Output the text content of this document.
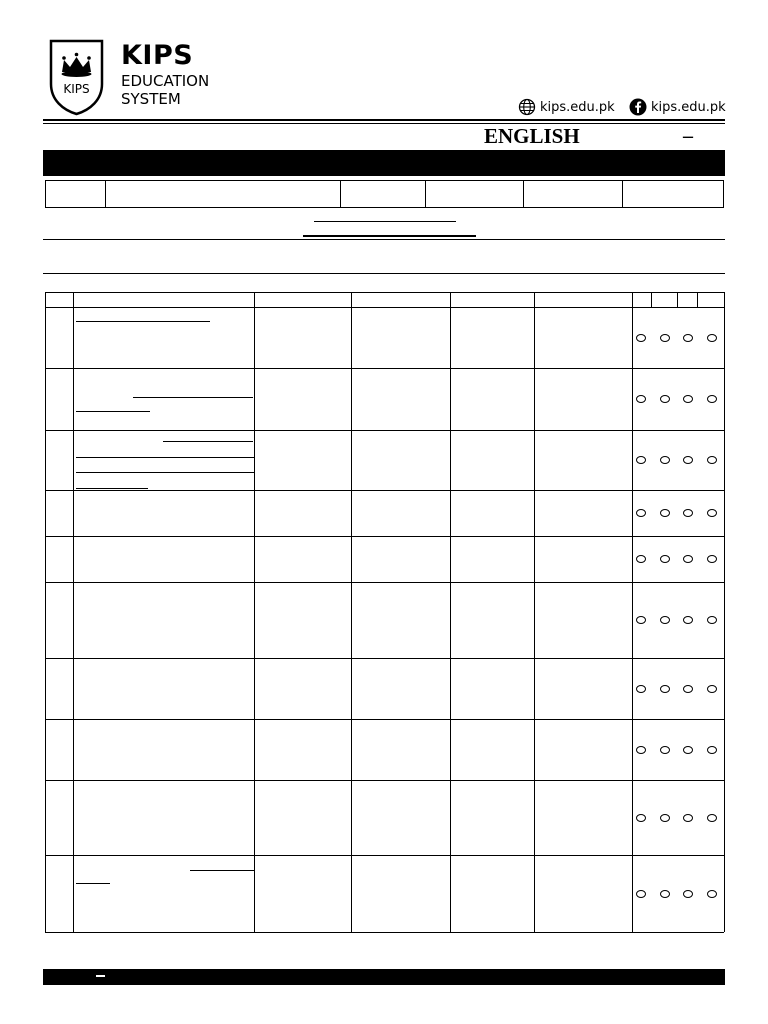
KIPS
KIPS
EDUCATION
SYSTEM	kips.edu.pk	kips.edu.pk
ENGLISH	–
